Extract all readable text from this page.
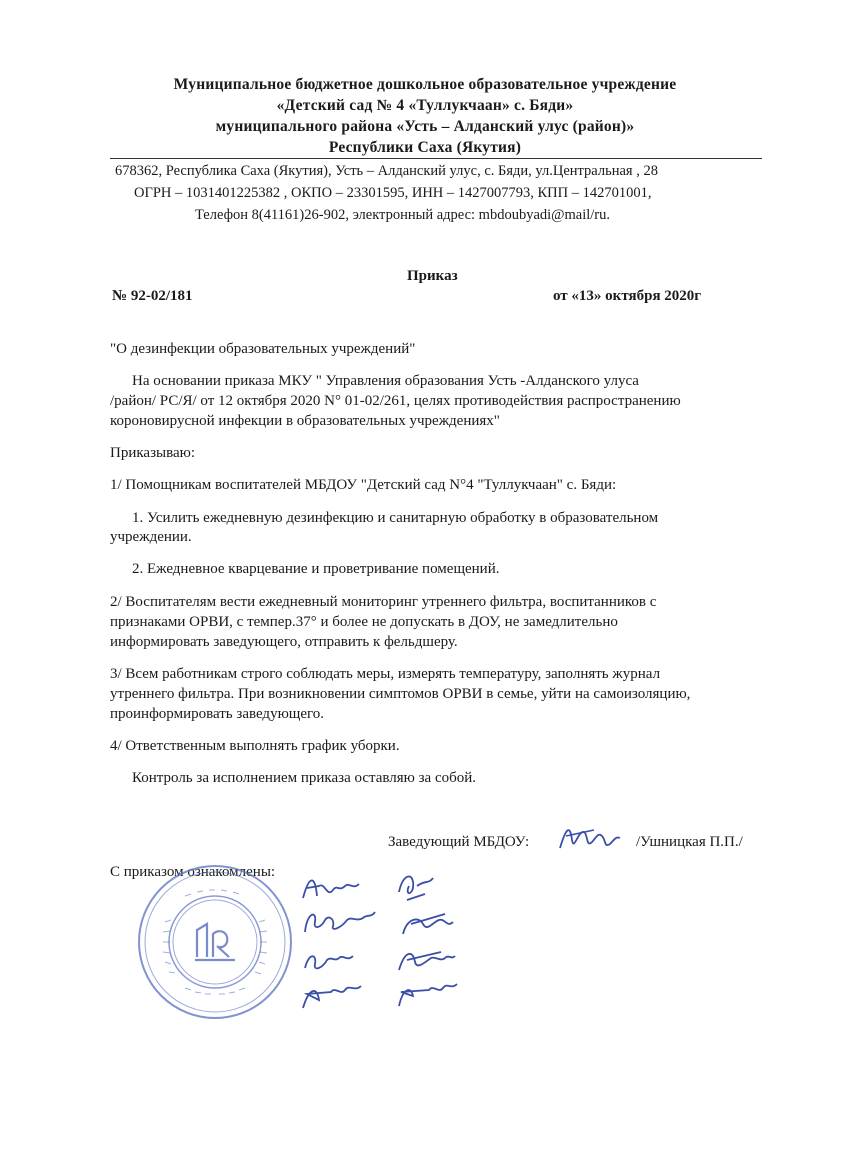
Муниципальное бюджетное дошкольное образовательное учреждение
«Детский сад № 4 «Туллукчаан» с. Бяди»
муниципального района «Усть – Алданский улус (район)»
Республики Саха (Якутия)
678362, Республика Саха (Якутия), Усть – Алданский улус, с. Бяди, ул.Центральная , 28
ОГРН – 1031401225382 , ОКПО – 23301595, ИНН – 1427007793, КПП – 142701001,
Телефон 8(41161)26-902, электронный адрес: mbdoubyadi@mail/ru.
Приказ
№ 92-02/181	от «13» октября 2020г
"О дезинфекции образовательных учреждений"
На основании приказа МКУ " Управления образования Усть -Алданского улуса
/район/ РС/Я/ от 12 октября 2020 N° 01-02/261, целях противодействия распространению
короновирусной инфекции в образовательных учреждениях"
Приказываю:
1/ Помощникам воспитателей МБДОУ "Детский сад N°4 "Туллукчаан" с. Бяди:
1. Усилить ежедневную дезинфекцию и санитарную обработку в образовательном
учреждении.
2. Ежедневное кварцевание и проветривание помещений.
2/ Воспитателям вести ежедневный мониторинг утреннего фильтра, воспитанников с
признаками ОРВИ, с темпер.37° и более не допускать в ДОУ, не замедлительно
информировать заведующего, отправить к фельдшеру.
3/ Всем работникам строго соблюдать меры, измерять температуру, заполнять журнал
утреннего фильтра. При возникновении симптомов ОРВИ в семье, уйти на самоизоляцию,
проинформировать заведующего.
4/ Ответственным выполнять график уборки.
Контроль за исполнением приказа оставляю за собой.
Заведующий МБДОУ:	/Ушницкая П.П./
С приказом ознакомлены:
